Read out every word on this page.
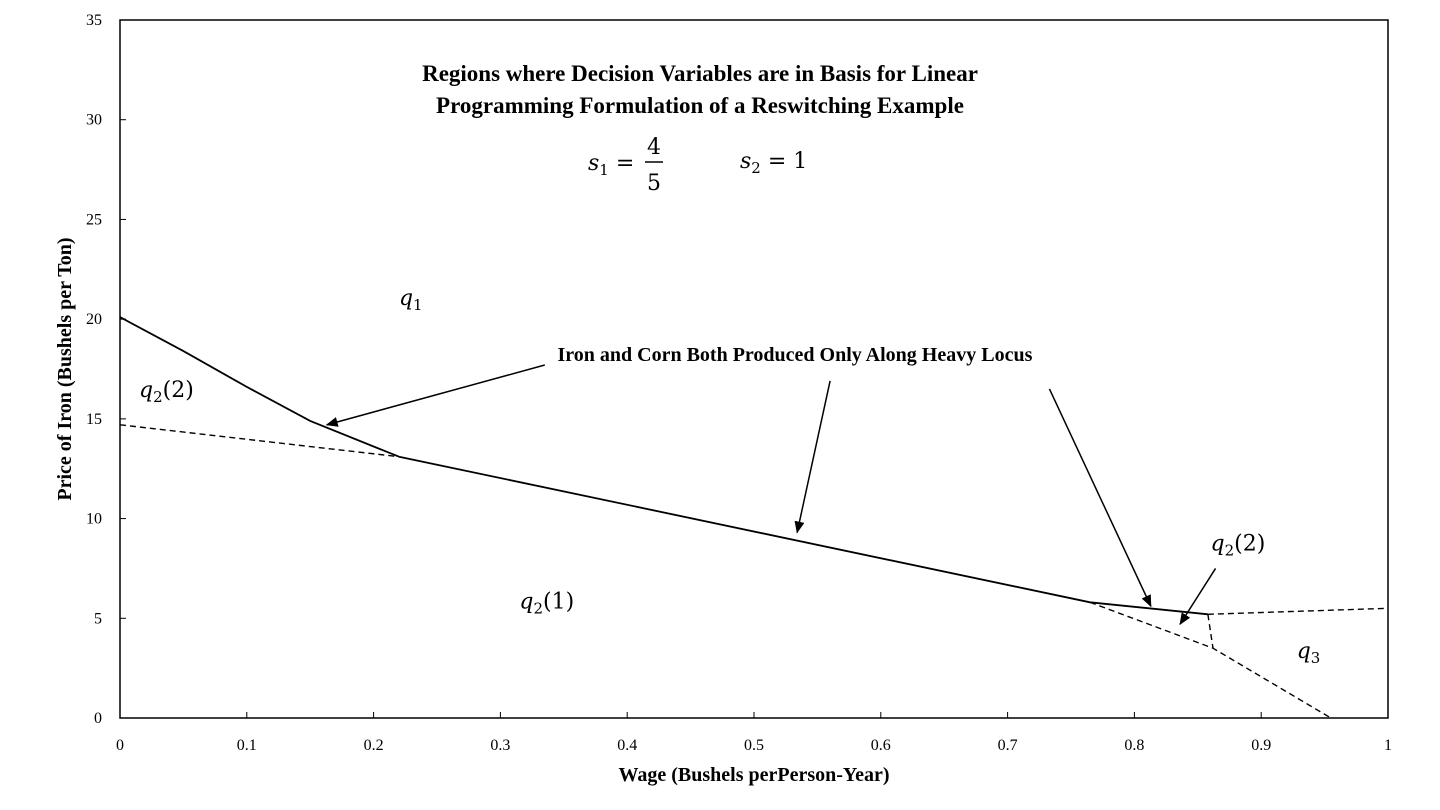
0	0.1	0.2	0.3	0.4	0.5	0.6	0.7	0.8	0.9	1
0
5
10
15
20
25
30
35
$q_1$
$q_2(2)$
$q_2(1)$
$q_2(2)$
$q_3$
Regions where Decision Variables are in Basis for Linear
Programming Formulation of a Reswitching Example
$s_1$ =
4
5
$s_2 = 1$
Iron and Corn Both Produced Only Along Heavy Locus
Wage (Bushels perPerson-Year)
Price of Iron (Bushels per Ton)
